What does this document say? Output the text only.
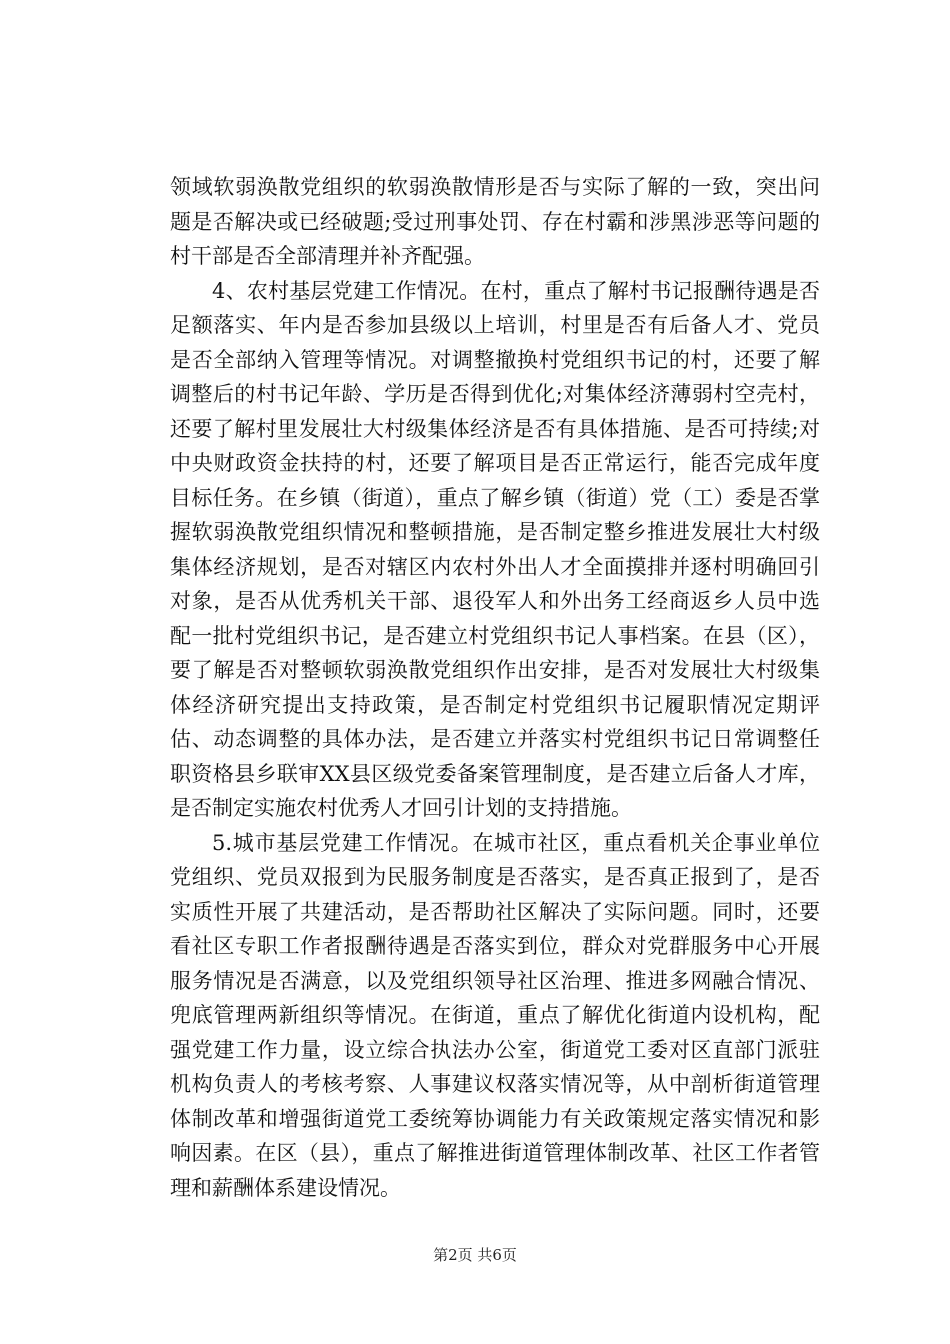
领域软弱涣散党组织的软弱涣散情形是否与实际了解的一致，突出问题是否解决或已经破题;受过刑事处罚、存在村霸和涉黑涉恶等问题的村干部是否全部清理并补齐配强。

4、农村基层党建工作情况。在村，重点了解村书记报酬待遇是否足额落实、年内是否参加县级以上培训，村里是否有后备人才、党员是否全部纳入管理等情况。对调整撤换村党组织书记的村，还要了解调整后的村书记年龄、学历是否得到优化;对集体经济薄弱村空壳村，还要了解村里发展壮大村级集体经济是否有具体措施、是否可持续;对中央财政资金扶持的村，还要了解项目是否正常运行，能否完成年度目标任务。在乡镇（街道），重点了解乡镇（街道）党（工）委是否掌握软弱涣散党组织情况和整顿措施，是否制定整乡推进发展壮大村级集体经济规划，是否对辖区内农村外出人才全面摸排并逐村明确回引对象，是否从优秀机关干部、退役军人和外出务工经商返乡人员中选配一批村党组织书记，是否建立村党组织书记人事档案。在县（区），要了解是否对整顿软弱涣散党组织作出安排，是否对发展壮大村级集体经济研究提出支持政策，是否制定村党组织书记履职情况定期评估、动态调整的具体办法，是否建立并落实村党组织书记日常调整任职资格县乡联审XX县区级党委备案管理制度，是否建立后备人才库，是否制定实施农村优秀人才回引计划的支持措施。

5.城市基层党建工作情况。在城市社区，重点看机关企事业单位党组织、党员双报到为民服务制度是否落实，是否真正报到了，是否实质性开展了共建活动，是否帮助社区解决了实际问题。同时，还要看社区专职工作者报酬待遇是否落实到位，群众对党群服务中心开展服务情况是否满意，以及党组织领导社区治理、推进多网融合情况、兜底管理两新组织等情况。在街道，重点了解优化街道内设机构，配强党建工作力量，设立综合执法办公室，街道党工委对区直部门派驻机构负责人的考核考察、人事建议权落实情况等，从中剖析街道管理体制改革和增强街道党工委统筹协调能力有关政策规定落实情况和影响因素。在区（县），重点了解推进街道管理体制改革、社区工作者管理和薪酬体系建设情况。

第2页 共6页
